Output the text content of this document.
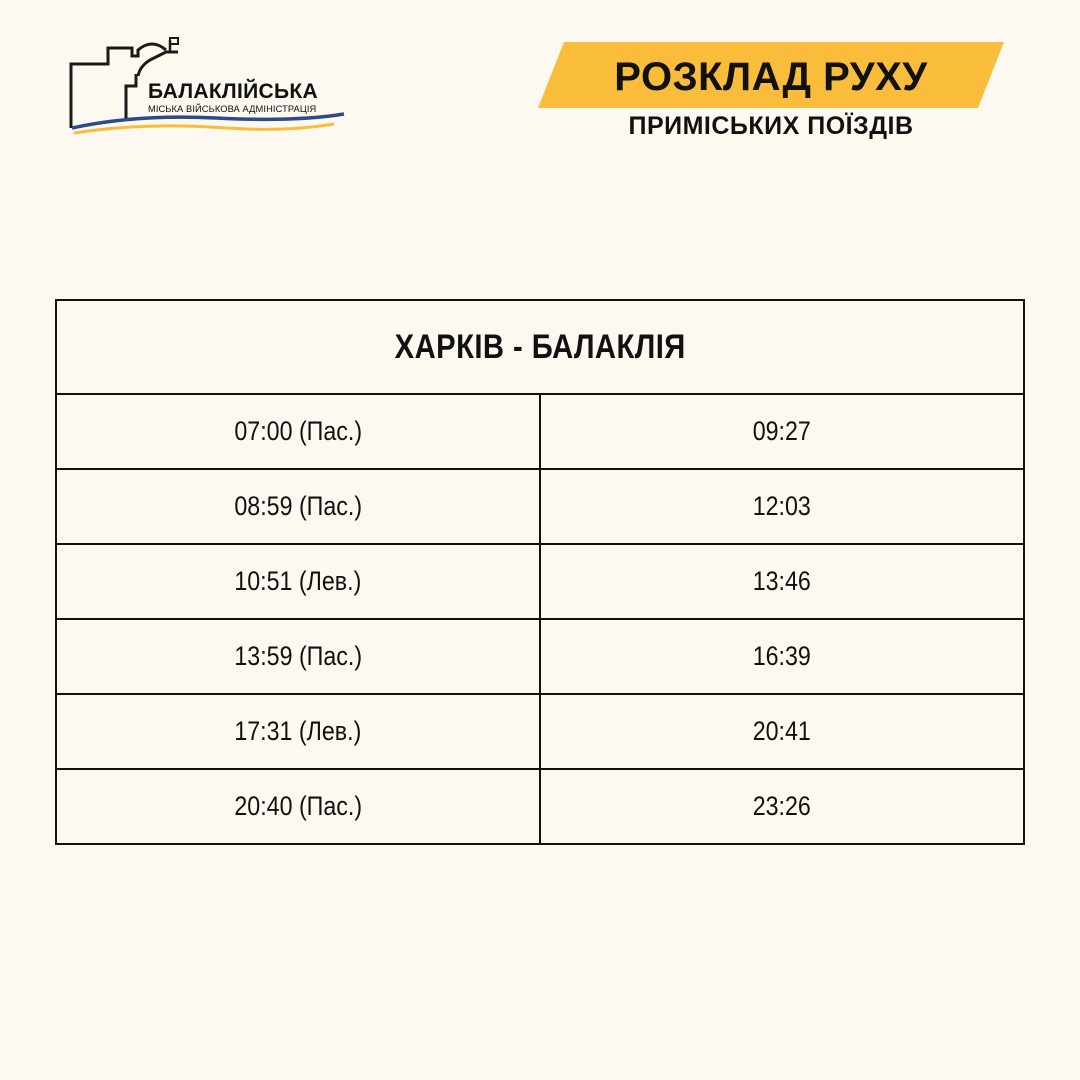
БАЛАКЛІЙСЬКА
МІСЬКА ВІЙСЬКОВА АДМІНІСТРАЦІЯ
РОЗКЛАД РУХУ
ПРИМІСЬКИХ ПОЇЗДІВ
ХАРКІВ - БАЛАКЛІЯ	
07:00 (Пас.)	09:27
08:59 (Пас.)	12:03
10:51 (Лев.)	13:46
13:59 (Пас.)	16:39
17:31 (Лев.)	20:41
20:40 (Пас.)	23:26
